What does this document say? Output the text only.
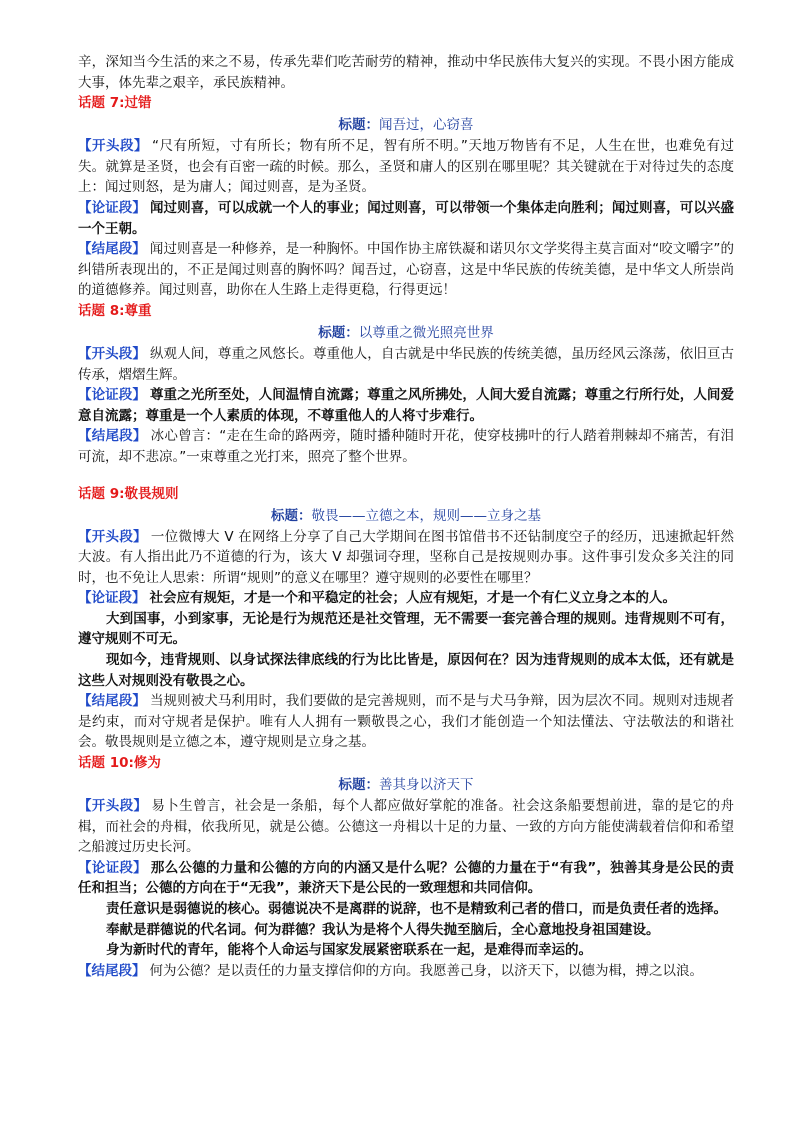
辛，深知当今生活的来之不易，传承先辈们吃苦耐劳的精神，推动中华民族伟大复兴的实现。不畏小困方能成大事，体先辈之艰辛，承民族精神。

话题 7:过错

标题：闻吾过，心窃喜

【开头段】 “尺有所短，寸有所长；物有所不足，智有所不明。”天地万物皆有不足，人生在世，也难免有过失。就算是圣贤，也会有百密一疏的时候。那么，圣贤和庸人的区别在哪里呢？其关键就在于对待过失的态度上：闻过则怒，是为庸人；闻过则喜，是为圣贤。

【论证段】 闻过则喜，可以成就一个人的事业；闻过则喜，可以带领一个集体走向胜利；闻过则喜，可以兴盛一个王朝。

【结尾段】 闻过则喜是一种修养，是一种胸怀。中国作协主席铁凝和诺贝尔文学奖得主莫言面对“咬文嚼字”的纠错所表现出的，不正是闻过则喜的胸怀吗？闻吾过，心窃喜，这是中华民族的传统美德，是中华文人所崇尚的道德修养。闻过则喜，助你在人生路上走得更稳，行得更远！

话题 8:尊重

标题：以尊重之微光照亮世界

【开头段】 纵观人间，尊重之风悠长。尊重他人，自古就是中华民族的传统美德，虽历经风云涤荡，依旧亘古传承，熠熠生辉。

【论证段】 尊重之光所至处，人间温情自流露；尊重之风所拂处，人间大爱自流露；尊重之行所行处，人间爱意自流露；尊重是一个人素质的体现，不尊重他人的人将寸步难行。

【结尾段】 冰心曾言：“走在生命的路两旁，随时播种随时开花，使穿枝拂叶的行人踏着荆棘却不痛苦，有泪可流，却不悲凉。”一束尊重之光打来，照亮了整个世界。

话题 9:敬畏规则

标题：敬畏——立德之本，规则——立身之基

【开头段】 一位微博大 V 在网络上分享了自己大学期间在图书馆借书不还钻制度空子的经历，迅速掀起轩然大波。有人指出此乃不道德的行为，该大 V 却强词夺理，坚称自己是按规则办事。这件事引发众多关注的同时，也不免让人思索：所谓“规则”的意义在哪里？遵守规则的必要性在哪里？

【论证段】 社会应有规矩，才是一个和平稳定的社会；人应有规矩，才是一个有仁义立身之本的人。

大到国事，小到家事，无论是行为规范还是社交管理，无不需要一套完善合理的规则。违背规则不可有，遵守规则不可无。

现如今，违背规则、以身试探法律底线的行为比比皆是，原因何在？因为违背规则的成本太低，还有就是这些人对规则没有敬畏之心。

【结尾段】 当规则被犬马利用时，我们要做的是完善规则，而不是与犬马争辩，因为层次不同。规则对违规者是约束，而对守规者是保护。唯有人人拥有一颗敬畏之心，我们才能创造一个知法懂法、守法敬法的和谐社会。敬畏规则是立德之本，遵守规则是立身之基。

话题 10:修为

标题：善其身以济天下

【开头段】 易卜生曾言，社会是一条船，每个人都应做好掌舵的准备。社会这条船要想前进，靠的是它的舟楫，而社会的舟楫，依我所见，就是公德。公德这一舟楫以十足的力量、一致的方向方能使满载着信仰和希望之船渡过历史长河。

【论证段】 那么公德的力量和公德的方向的内涵又是什么呢？公德的力量在于“有我”，独善其身是公民的责任和担当；公德的方向在于“无我”，兼济天下是公民的一致理想和共同信仰。

责任意识是弱德说的核心。弱德说决不是离群的说辞，也不是精致利己者的借口，而是负责任者的选择。

奉献是群德说的代名词。何为群德？我认为是将个人得失抛至脑后，全心意地投身祖国建设。

身为新时代的青年，能将个人命运与国家发展紧密联系在一起，是难得而幸运的。

【结尾段】 何为公德？是以责任的力量支撑信仰的方向。我愿善己身，以济天下，以德为楫，搏之以浪。
